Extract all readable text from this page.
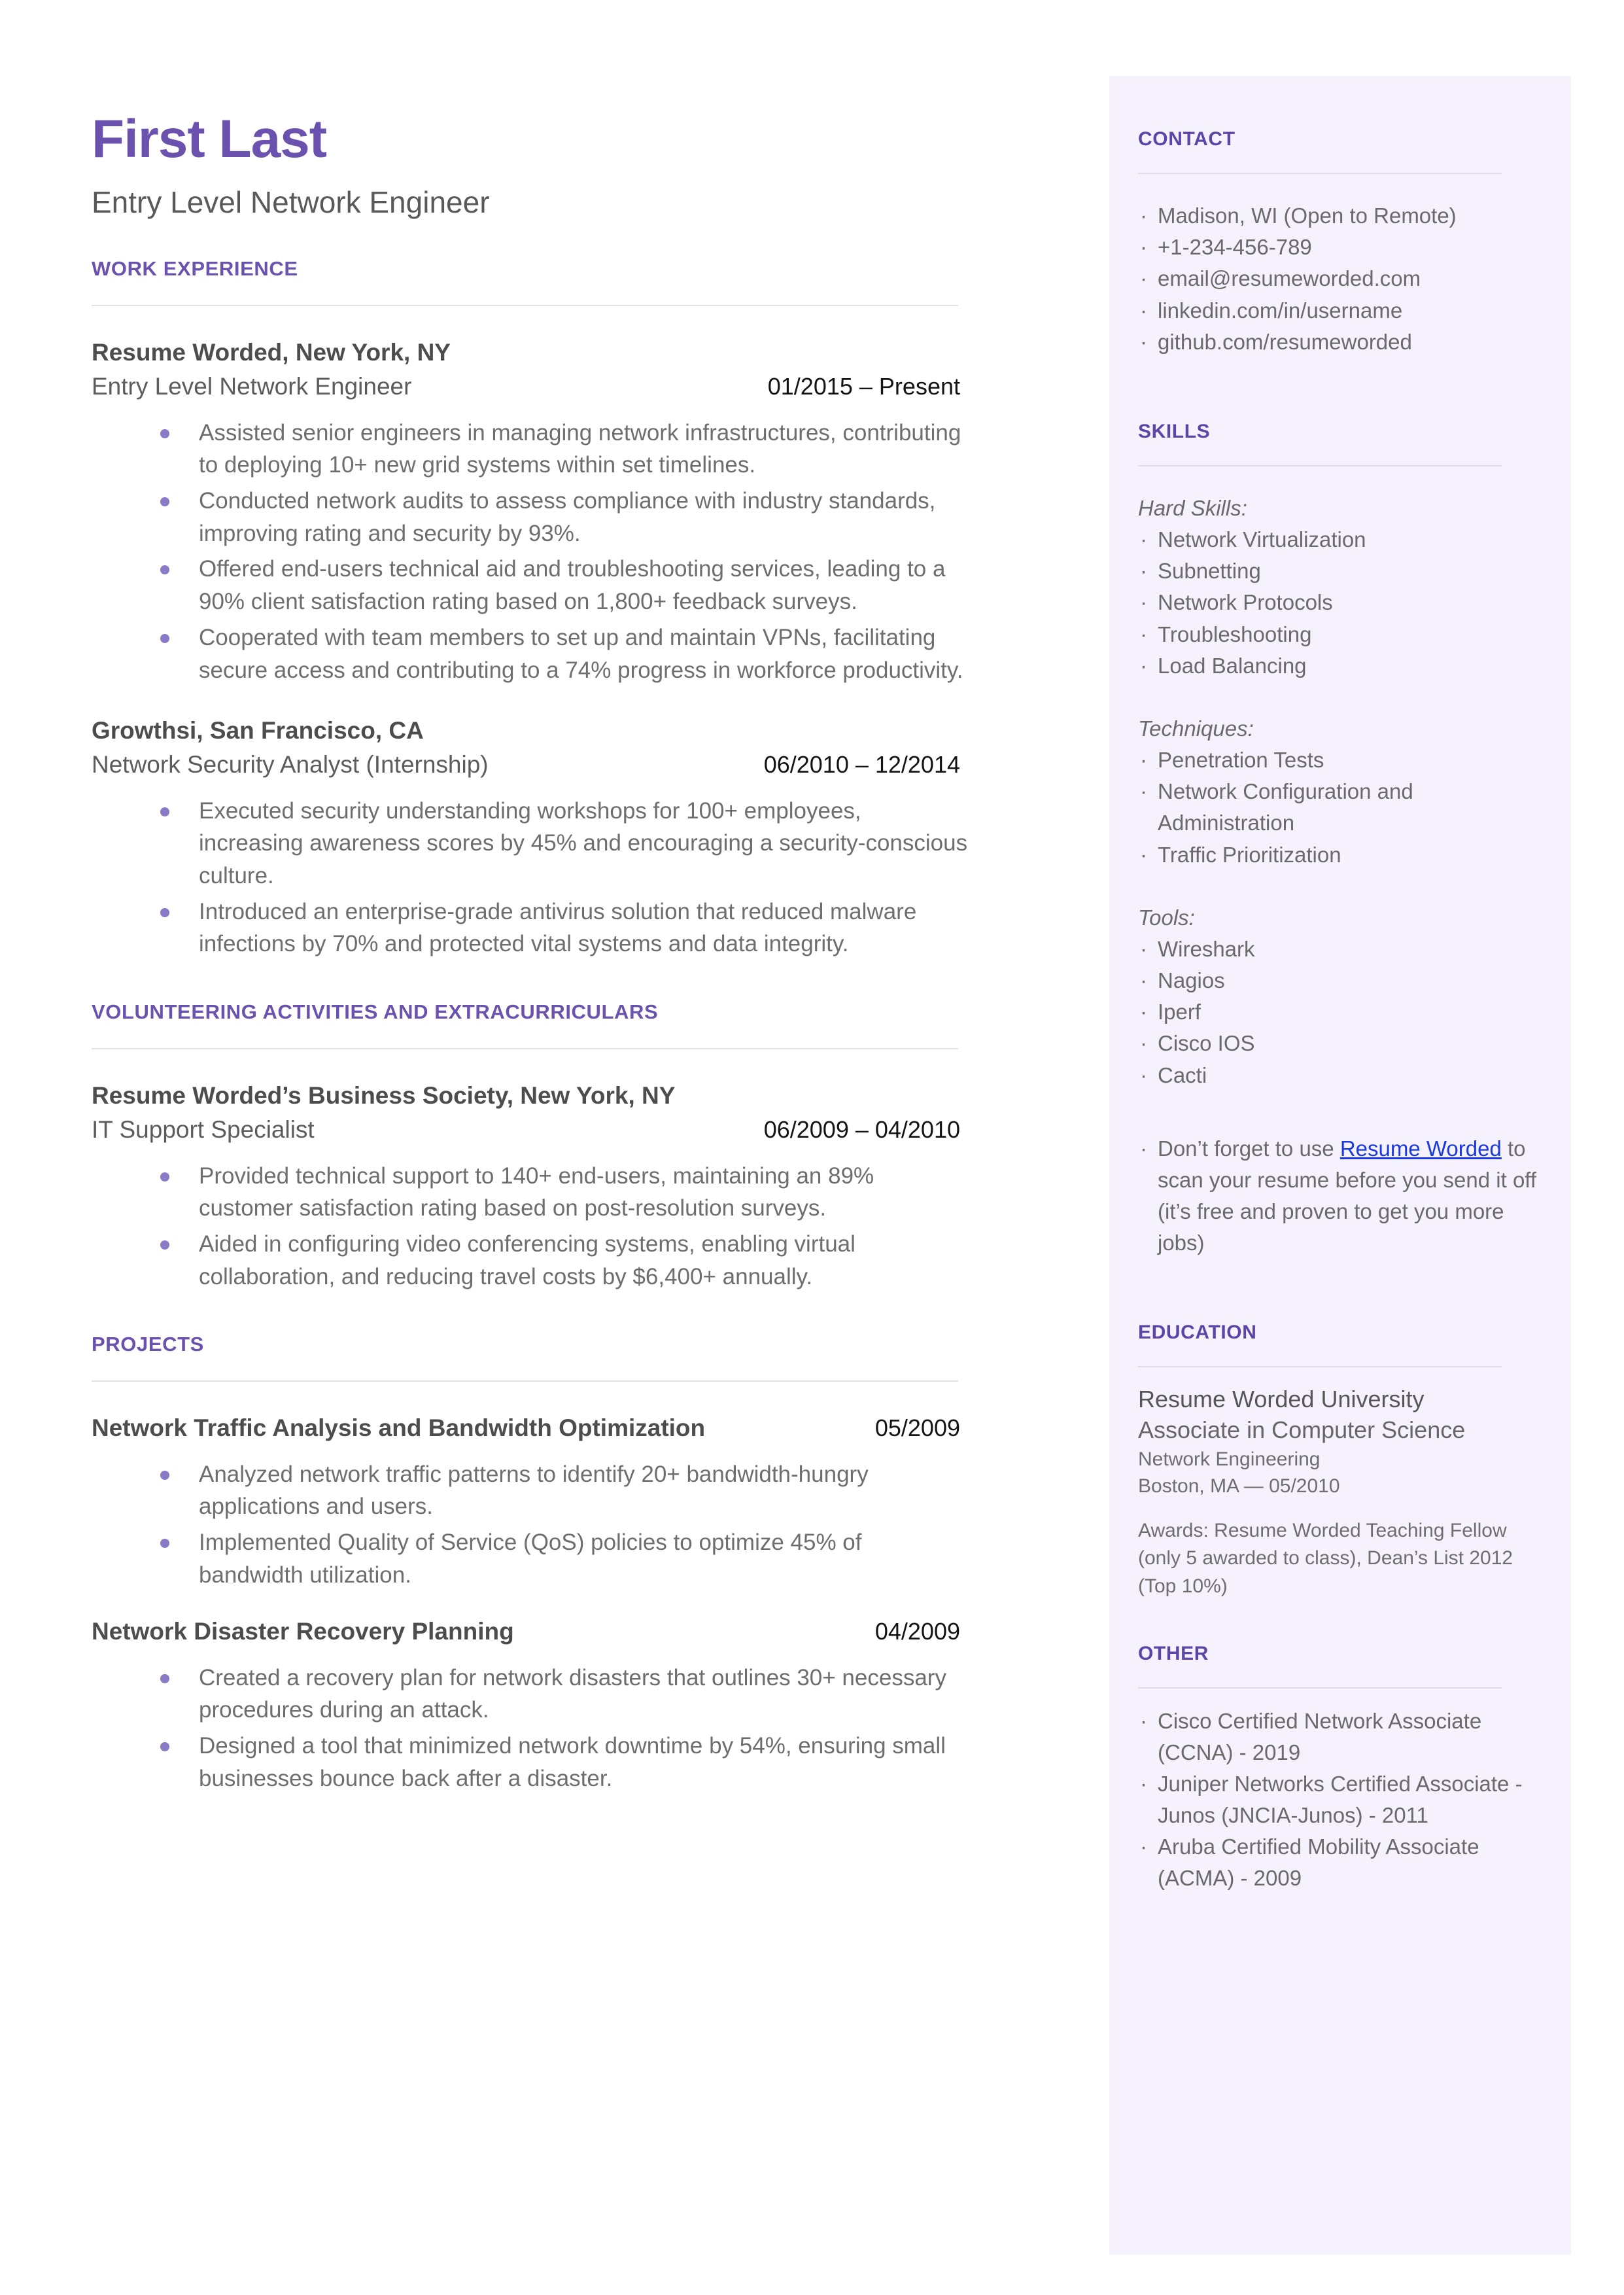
CONTACT
· Madison, WI (Open to Remote)
· +1-234-456-789
· email@resumeworded.com
· linkedin.com/in/username
· github.com/resumeworded
SKILLS
Hard Skills:
· Network Virtualization
· Subnetting
· Network Protocols
· Troubleshooting
· Load Balancing
Techniques:
· Penetration Tests
· Network Configuration and Administration
· Traffic Prioritization
Tools:
· Wireshark
· Nagios
· Iperf
· Cisco IOS
· Cacti
· Don’t forget to use Resume Worded to scan your resume before you send it off (it’s free and proven to get you more jobs)
EDUCATION
Resume Worded University
Associate in Computer Science
Network Engineering
Boston, MA — 05/2010
Awards: Resume Worded Teaching Fellow (only 5 awarded to class), Dean’s List 2012 (Top 10%)
OTHER
· Cisco Certified Network Associate (CCNA) - 2019
· Juniper Networks Certified Associate - Junos (JNCIA-Junos) - 2011
· Aruba Certified Mobility Associate (ACMA) - 2009
First Last
Entry Level Network Engineer
WORK EXPERIENCE
Resume Worded, New York, NY
Entry Level Network Engineer	01/2015 – Present
Assisted senior engineers in managing network infrastructures, contributing to deploying 10+ new grid systems within set timelines.
Conducted network audits to assess compliance with industry standards, improving rating and security by 93%.
Offered end-users technical aid and troubleshooting services, leading to a 90% client satisfaction rating based on 1,800+ feedback surveys.
Cooperated with team members to set up and maintain VPNs, facilitating secure access and contributing to a 74% progress in workforce productivity.
Growthsi, San Francisco, CA
Network Security Analyst (Internship)	06/2010 – 12/2014
Executed security understanding workshops for 100+ employees, increasing awareness scores by 45% and encouraging a security-conscious culture.
Introduced an enterprise-grade antivirus solution that reduced malware infections by 70% and protected vital systems and data integrity.
VOLUNTEERING ACTIVITIES AND EXTRACURRICULARS
Resume Worded’s Business Society, New York, NY
IT Support Specialist	06/2009 – 04/2010
Provided technical support to 140+ end-users, maintaining an 89% customer satisfaction rating based on post-resolution surveys.
Aided in configuring video conferencing systems, enabling virtual collaboration, and reducing travel costs by $6,400+ annually.
PROJECTS
Network Traffic Analysis and Bandwidth Optimization	05/2009
Analyzed network traffic patterns to identify 20+ bandwidth-hungry applications and users.
Implemented Quality of Service (QoS) policies to optimize 45% of bandwidth utilization.
Network Disaster Recovery Planning	04/2009
Created a recovery plan for network disasters that outlines 30+ necessary procedures during an attack.
Designed a tool that minimized network downtime by 54%, ensuring small businesses bounce back after a disaster.
